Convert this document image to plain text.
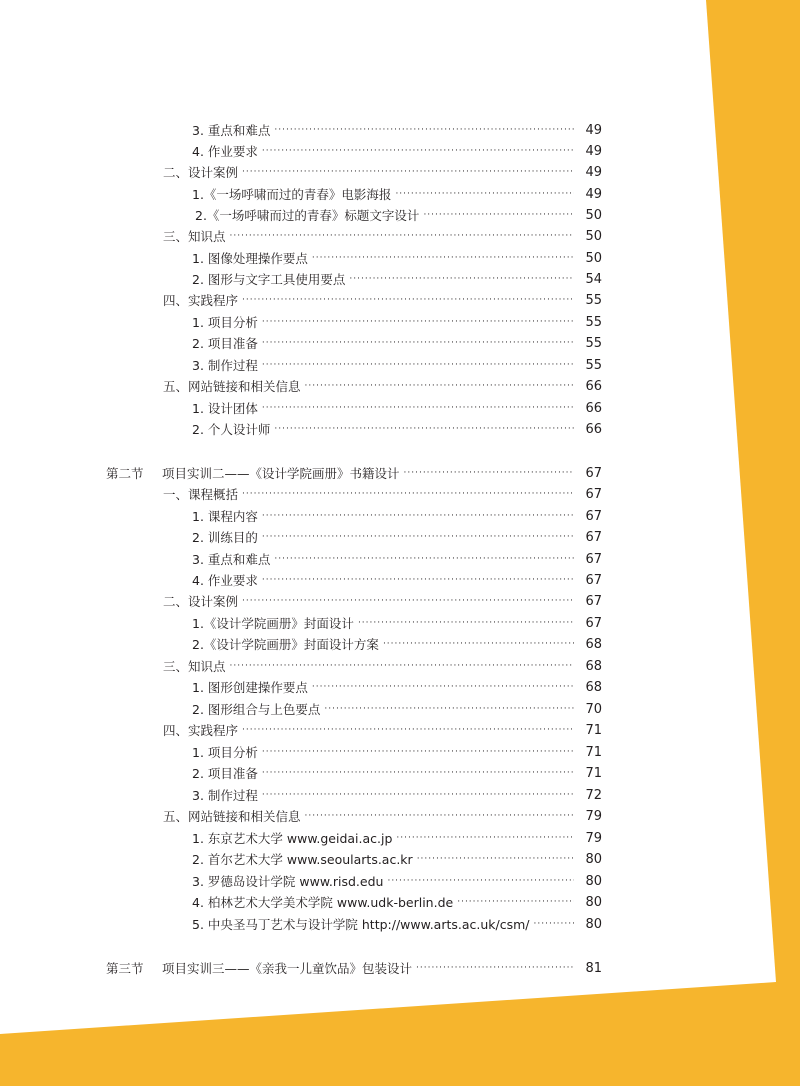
3. 重点和难点 ·····	49
4. 作业要求 ·····	49
二、设计案例 ·····	49
1.《一场呼啸而过的青春》电影海报 ·····	49
2.《一场呼啸而过的青春》标题文字设计 ·····	50
三、知识点 ·····	50
1. 图像处理操作要点 ·····	50
2. 图形与文字工具使用要点 ·····	54
四、实践程序 ·····	55
1. 项目分析 ·····	55
2. 项目准备 ·····	55
3. 制作过程 ·····	55
五、网站链接和相关信息 ·····	66
1. 设计团体 ·····	66
2. 个人设计师 ·····	66
第二节 项目实训二——《设计学院画册》书籍设计 ·····	67
一、课程概括 ·····	67
1. 课程内容 ·····	67
2. 训练目的 ·····	67
3. 重点和难点 ·····	67
4. 作业要求 ·····	67
二、设计案例 ·····	67
1.《设计学院画册》封面设计 ·····	67
2.《设计学院画册》封面设计方案 ·····	68
三、知识点 ·····	68
1. 图形创建操作要点 ·····	68
2. 图形组合与上色要点 ·····	70
四、实践程序 ·····	71
1. 项目分析 ·····	71
2. 项目准备 ·····	71
3. 制作过程 ·····	72
五、网站链接和相关信息 ·····	79
1. 东京艺术大学 www.geidai.ac.jp ·····	79
2. 首尔艺术大学 www.seoularts.ac.kr ·····	80
3. 罗德岛设计学院 www.risd.edu ·····	80
4. 柏林艺术大学美术学院 www.udk-berlin.de ·····	80
5. 中央圣马丁艺术与设计学院 http://www.arts.ac.uk/csm/ ·····	80
第三节 项目实训三——《亲我一儿童饮品》包装设计 ·····	81
